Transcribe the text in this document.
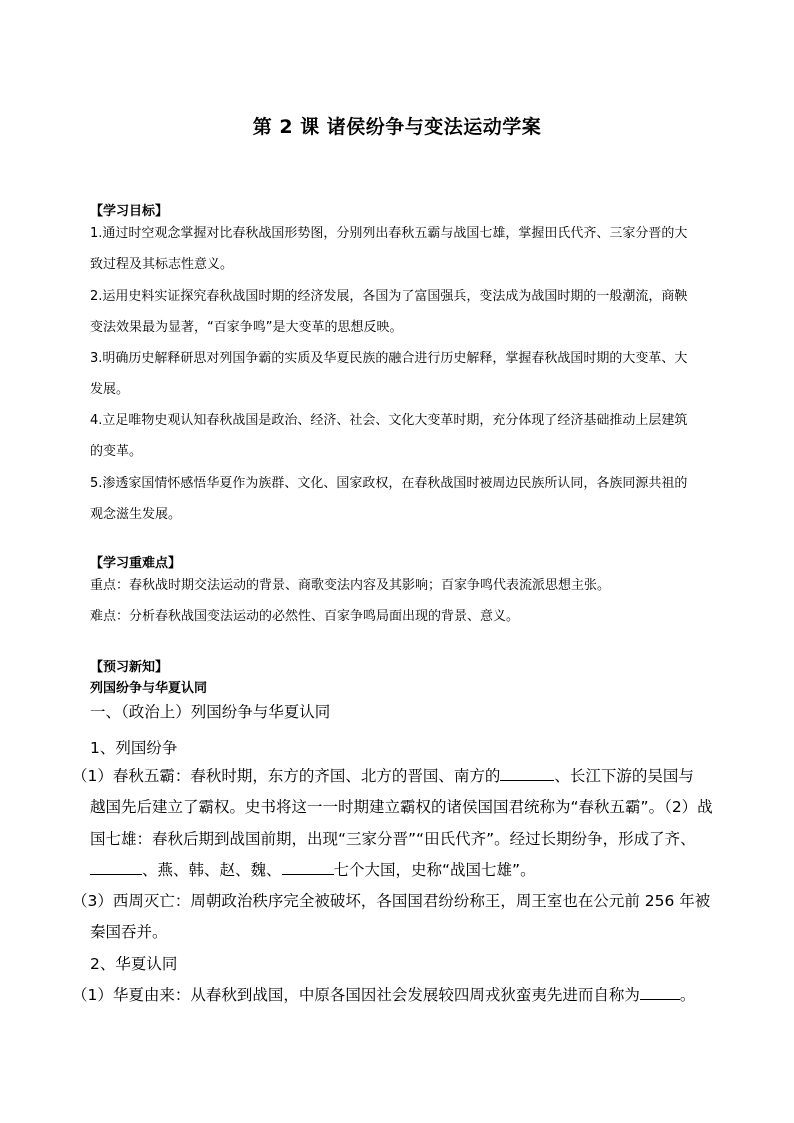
第 2 课 诸侯纷争与变法运动学案
【学习目标】
1.通过时空观念掌握对比春秋战国形势图，分别列出春秋五霸与战国七雄，掌握田氏代齐、三家分晋的大
致过程及其标志性意义。
2.运用史料实证探究春秋战国时期的经济发展，各国为了富国强兵，变法成为战国时期的一般潮流，商鞅
变法效果最为显著，“百家争鸣”是大变革的思想反映。
3.明确历史解释研思对列国争霸的实质及华夏民族的融合进行历史解释，掌握春秋战国时期的大变革、大
发展。
4.立足唯物史观认知春秋战国是政治、经济、社会、文化大变革时期，充分体现了经济基础推动上层建筑
的变革。
5.渗透家国情怀感悟华夏作为族群、文化、国家政权，在春秋战国时被周边民族所认同，各族同源共祖的
观念滋生发展。
【学习重难点】
重点：春秋战时期交法运动的背景、商歌变法内容及其影响；百家争鸣代表流派思想主张。
难点：分析春秋战国变法运动的必然性、百家争鸣局面出现的背景、意义。
【预习新知】
列国纷争与华夏认同
一、（政治上）列国纷争与华夏认同
1、列国纷争
（1）春秋五霸：春秋时期，东方的齐国、北方的晋国、南方的	、长江下游的吴国与
越国先后建立了霸权。史书将这一一时期建立霸权的诸侯国国君统称为“春秋五霸”。（2）战
国七雄：春秋后期到战国前期，出现“三家分晋”“田氏代齐”。经过长期纷争，形成了齐、
、燕、韩、赵、魏、	七个大国，史称“战国七雄”。
（3）西周灭亡：周朝政治秩序完全被破坏，各国国君纷纷称王，周王室也在公元前 256 年被
秦国吞并。
2、华夏认同
（1）华夏由来：从春秋到战国，中原各国因社会发展较四周戎狄蛮夷先进而自称为	。
